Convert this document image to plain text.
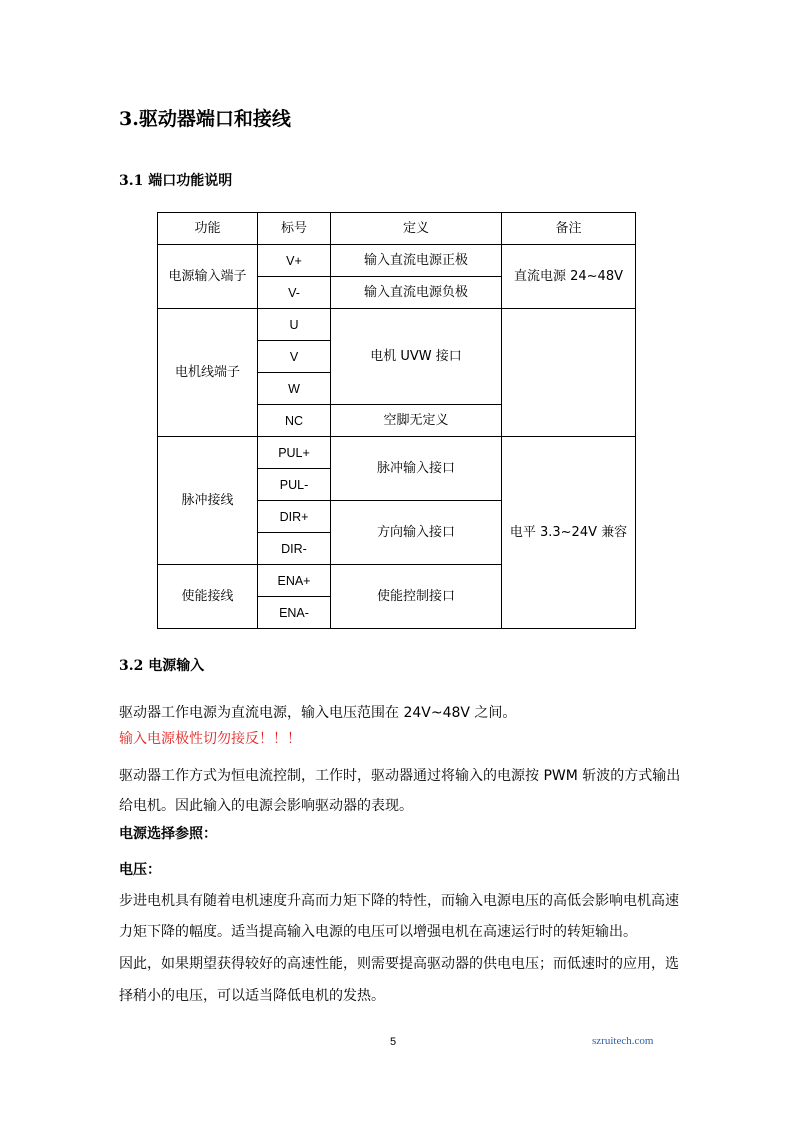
3.驱动器端口和接线
3.1 端口功能说明
功能	标号	定义	备注
电源输入端子	V+	输入直流电源正极	直流电源 24~48V
	V-	输入直流电源负极	
电机线端子	U	电机 UVW 接口	
	V		
	W		
	NC	空脚无定义	
脉冲接线	PUL+	脉冲输入接口	电平 3.3~24V 兼容
	PUL-		
	DIR+	方向输入接口	
	DIR-		
使能接线	ENA+	使能控制接口	
	ENA-		
3.2 电源输入
驱动器工作电源为直流电源，输入电压范围在 24V~48V 之间。
输入电源极性切勿接反！！！
驱动器工作方式为恒电流控制，工作时，驱动器通过将输入的电源按 PWM 斩波的方式输出
给电机。因此输入的电源会影响驱动器的表现。
电源选择参照：
电压：
步进电机具有随着电机速度升高而力矩下降的特性，而输入电源电压的高低会影响电机高速
力矩下降的幅度。适当提高输入电源的电压可以增强电机在高速运行时的转矩输出。
因此，如果期望获得较好的高速性能，则需要提高驱动器的供电电压；而低速时的应用，选
择稍小的电压，可以适当降低电机的发热。
5	szruitech.com
